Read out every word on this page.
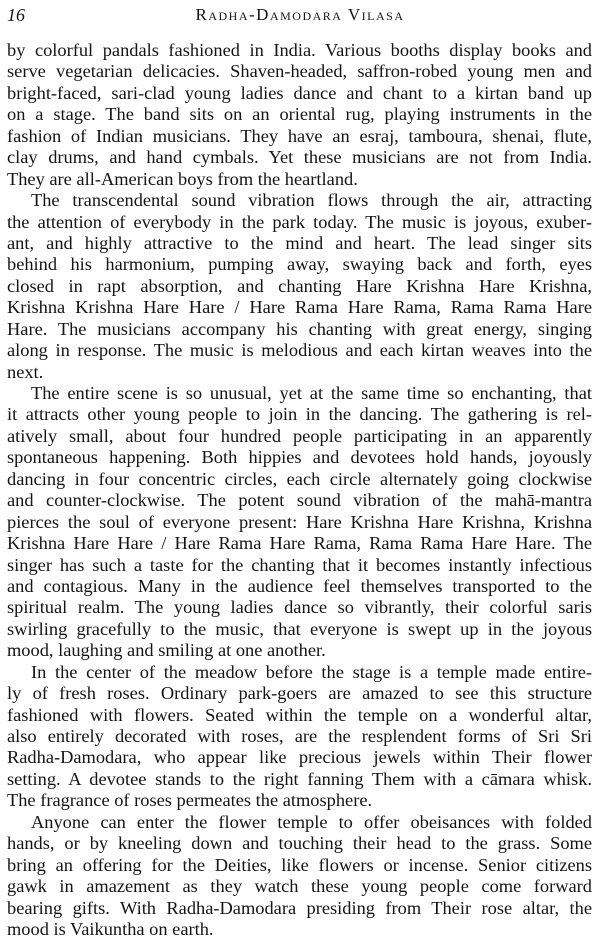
16	Radha-Damodara Vilasa

by colorful pandals fashioned in India. Various booths display books and
serve vegetarian delicacies. Shaven-headed, saffron-robed young men and
bright-faced, sari-clad young ladies dance and chant to a kirtan band up
on a stage. The band sits on an oriental rug, playing instruments in the
fashion of Indian musicians. They have an esraj, tamboura, shenai, flute,
clay drums, and hand cymbals. Yet these musicians are not from India.
They are all-American boys from the heartland.

The transcendental sound vibration flows through the air, attracting
the attention of everybody in the park today. The music is joyous, exuber-
ant, and highly attractive to the mind and heart. The lead singer sits
behind his harmonium, pumping away, swaying back and forth, eyes
closed in rapt absorption, and chanting Hare Krishna Hare Krishna,
Krishna Krishna Hare Hare / Hare Rama Hare Rama, Rama Rama Hare
Hare. The musicians accompany his chanting with great energy, singing
along in response. The music is melodious and each kirtan weaves into the
next.

The entire scene is so unusual, yet at the same time so enchanting, that
it attracts other young people to join in the dancing. The gathering is rel-
atively small, about four hundred people participating in an apparently
spontaneous happening. Both hippies and devotees hold hands, joyously
dancing in four concentric circles, each circle alternately going clockwise
and counter-clockwise. The potent sound vibration of the mahā-mantra
pierces the soul of everyone present: Hare Krishna Hare Krishna, Krishna
Krishna Hare Hare / Hare Rama Hare Rama, Rama Rama Hare Hare. The
singer has such a taste for the chanting that it becomes instantly infectious
and contagious. Many in the audience feel themselves transported to the
spiritual realm. The young ladies dance so vibrantly, their colorful saris
swirling gracefully to the music, that everyone is swept up in the joyous
mood, laughing and smiling at one another.

In the center of the meadow before the stage is a temple made entire-
ly of fresh roses. Ordinary park-goers are amazed to see this structure
fashioned with flowers. Seated within the temple on a wonderful altar,
also entirely decorated with roses, are the resplendent forms of Sri Sri
Radha-Damodara, who appear like precious jewels within Their flower
setting. A devotee stands to the right fanning Them with a cāmara whisk.
The fragrance of roses permeates the atmosphere.

Anyone can enter the flower temple to offer obeisances with folded
hands, or by kneeling down and touching their head to the grass. Some
bring an offering for the Deities, like flowers or incense. Senior citizens
gawk in amazement as they watch these young people come forward
bearing gifts. With Radha-Damodara presiding from Their rose altar, the
mood is Vaikuntha on earth.
